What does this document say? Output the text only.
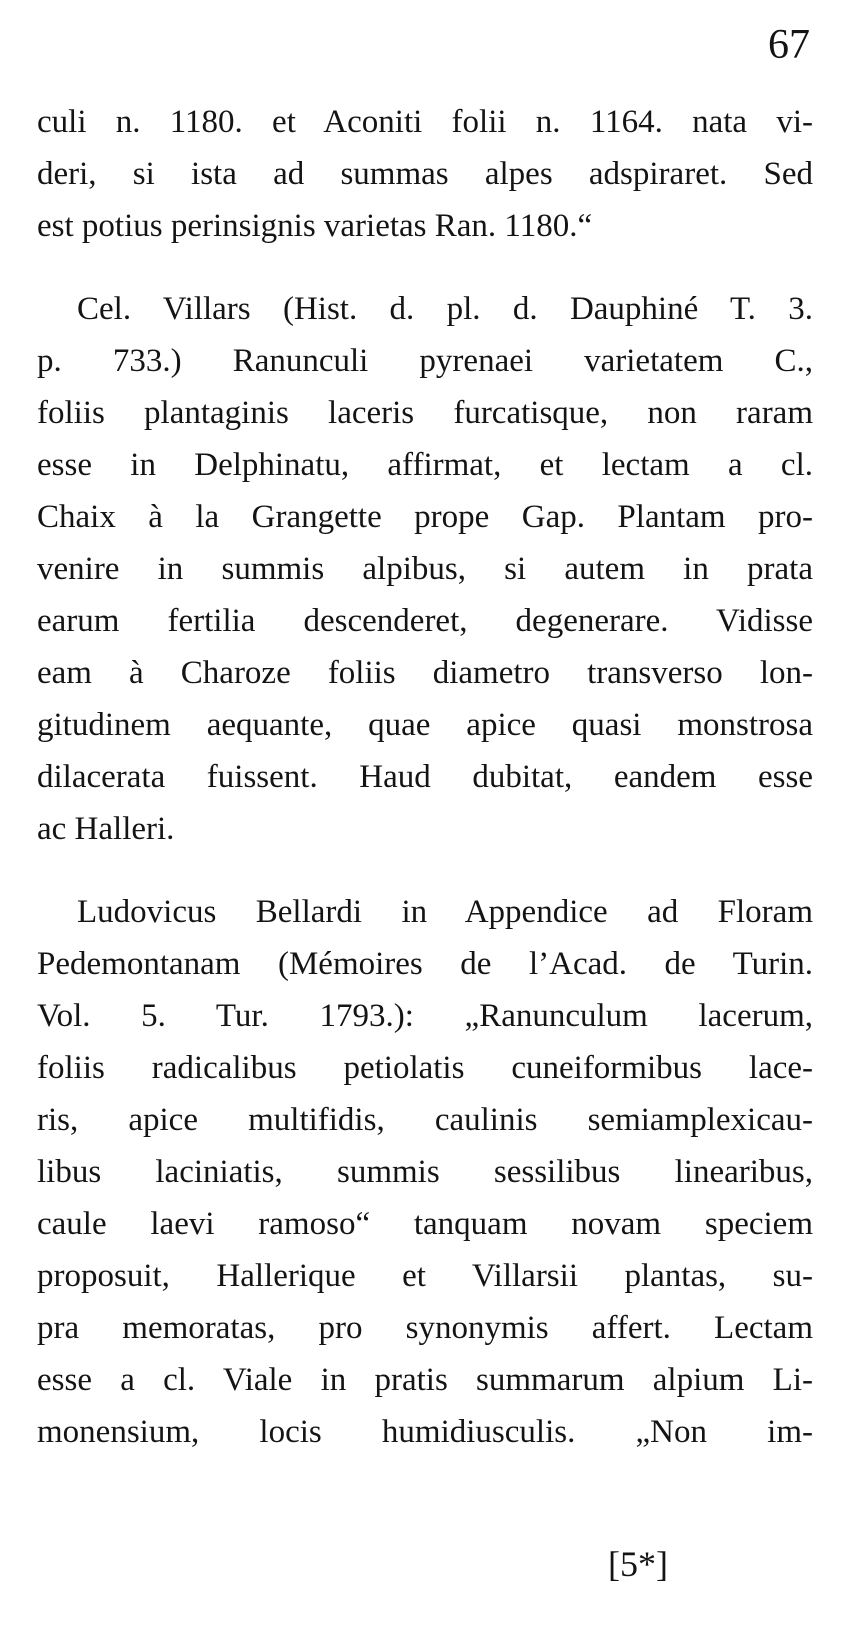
67
culi n. 1180. et Aconiti folii n. 1164. nata vi-
deri, si ista ad summas alpes adspiraret. Sed
est potius perinsignis varietas Ran. 1180.“
Cel. Villars (Hist. d. pl. d. Dauphiné T. 3.
p. 733.) Ranunculi pyrenaei varietatem C.,
foliis plantaginis laceris furcatisque, non raram
esse in Delphinatu, affirmat, et lectam a cl.
Chaix à la Grangette prope Gap. Plantam pro-
venire in summis alpibus, si autem in prata
earum fertilia descenderet, degenerare. Vidisse
eam à Charoze foliis diametro transverso lon-
gitudinem aequante, quae apice quasi monstrosa
dilacerata fuissent. Haud dubitat, eandem esse
ac Halleri.
Ludovicus Bellardi in Appendice ad Floram
Pedemontanam (Mémoires de l’Acad. de Turin.
Vol. 5. Tur. 1793.): „Ranunculum lacerum,
foliis radicalibus petiolatis cuneiformibus lace-
ris, apice multifidis, caulinis semiamplexicau-
libus laciniatis, summis sessilibus linearibus,
caule laevi ramoso“ tanquam novam speciem
proposuit, Hallerique et Villarsii plantas, su-
pra memoratas, pro synonymis affert. Lectam
esse a cl. Viale in pratis summarum alpium Li-
monensium, locis humidiusculis. „Non im-
[5*]
